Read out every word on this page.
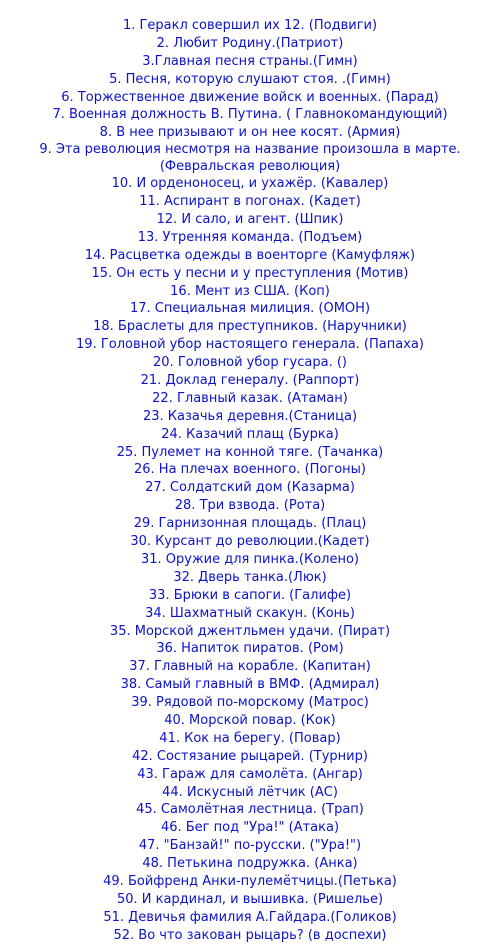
1. Геракл совершил их 12. (Подвиги)
2. Любит Родину.(Патриот)
3.Главная песня страны.(Гимн)
5. Песня, которую слушают стоя. .(Гимн)
6. Торжественное движение войск и военных. (Парад)
7. Военная должность В. Путина. ( Главнокомандующий)
8. В нее призывают и он нее косят. (Армия)
9. Эта революция несмотря на название произошла в марте.(Февральская революция)
10. И орденоносец, и ухажёр. (Кавалер)
11. Аспирант в погонах. (Кадет)
12. И сало, и агент. (Шпик)
13. Утренняя команда. (Подъем)
14. Расцветка одежды в военторге (Камуфляж)
15. Он есть у песни и у преступления (Мотив)
16. Мент из США. (Коп)
17. Специальная милиция. (ОМОН)
18. Браслеты для преступников. (Наручники)
19. Головной убор настоящего генерала. (Папаха)
20. Головной убор гусара. ()
21. Доклад генералу. (Раппорт)
22. Главный казак. (Атаман)
23. Казачья деревня.(Станица)
24. Казачий плащ (Бурка)
25. Пулемет на конной тяге. (Тачанка)
26. На плечах военного. (Погоны)
27. Солдатский дом (Казарма)
28. Три взвода. (Рота)
29. Гарнизонная площадь. (Плац)
30. Курсант до революции.(Кадет)
31. Оружие для пинка.(Колено)
32. Дверь танка.(Люк)
33. Брюки в сапоги. (Галифе)
34. Шахматный скакун. (Конь)
35. Морской джентльмен удачи. (Пират)
36. Напиток пиратов. (Ром)
37. Главный на корабле. (Капитан)
38. Самый главный в ВМФ. (Адмирал)
39. Рядовой по-морскому (Матрос)
40. Морской повар. (Кок)
41. Кок на берегу. (Повар)
42. Состязание рыцарей. (Турнир)
43. Гараж для самолёта. (Ангар)
44. Искусный лётчик (АС)
45. Самолётная лестница. (Трап)
46. Бег под "Ура!" (Атака)
47. "Банзай!" по-русски. ("Ура!")
48. Петькина подружка. (Анка)
49. Бойфренд Анки-пулемётчицы.(Петька)
50. И кардинал, и вышивка. (Ришелье)
51. Девичья фамилия А.Гайдара.(Голиков)
52. Во что закован рыцарь? (в доспехи)
